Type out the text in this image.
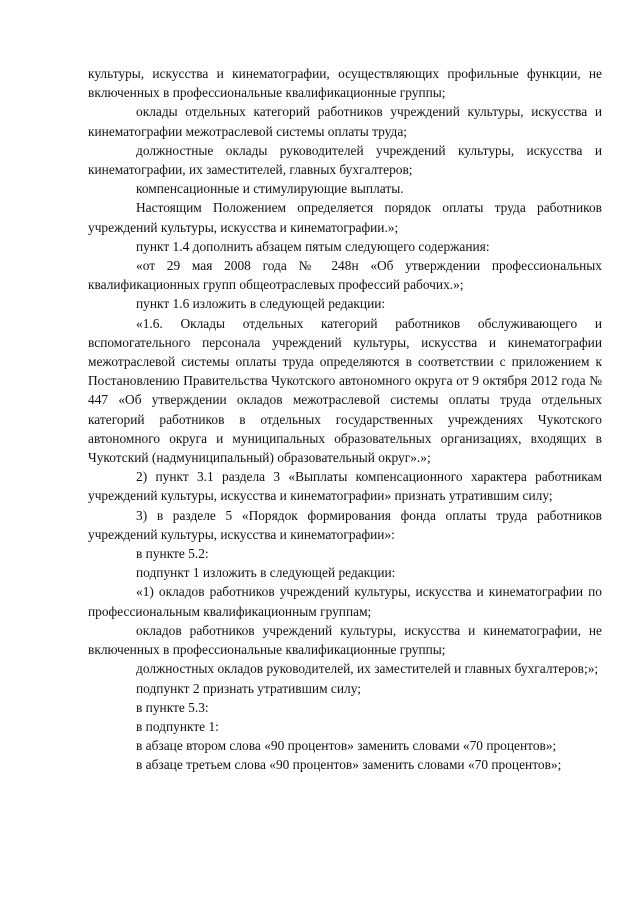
культуры, искусства и кинематографии, осуществляющих профильные функции, не включенных в профессиональные квалификационные группы;

оклады отдельных категорий работников учреждений культуры, искусства и кинематографии межотраслевой системы оплаты труда;

должностные оклады руководителей учреждений культуры, искусства и кинематографии, их заместителей, главных бухгалтеров;

компенсационные и стимулирующие выплаты.

Настоящим Положением определяется порядок оплаты труда работников учреждений культуры, искусства и кинематографии.»;

пункт 1.4 дополнить абзацем пятым следующего содержания:

«от 29 мая 2008 года № 248н «Об утверждении профессиональных квалификационных групп общеотраслевых профессий рабочих.»;

пункт 1.6 изложить в следующей редакции:

«1.6. Оклады отдельных категорий работников обслуживающего и вспомогательного персонала учреждений культуры, искусства и кинематографии межотраслевой системы оплаты труда определяются в соответствии с приложением к Постановлению Правительства Чукотского автономного округа от 9 октября 2012 года № 447 «Об утверждении окладов межотраслевой системы оплаты труда отдельных категорий работников в отдельных государственных учреждениях Чукотского автономного округа и муниципальных образовательных организациях, входящих в Чукотский (надмуниципальный) образовательный округ».»;

2) пункт 3.1 раздела 3 «Выплаты компенсационного характера работникам учреждений культуры, искусства и кинематографии» признать утратившим силу;

3) в разделе 5 «Порядок формирования фонда оплаты труда работников учреждений культуры, искусства и кинематографии»:

в пункте 5.2:

подпункт 1 изложить в следующей редакции:

«1) окладов работников учреждений культуры, искусства и кинематографии по профессиональным квалификационным группам;

окладов работников учреждений культуры, искусства и кинематографии, не включенных в профессиональные квалификационные группы;

должностных окладов руководителей, их заместителей и главных бухгалтеров;»;

подпункт 2 признать утратившим силу;

в пункте 5.3:

в подпункте 1:

в абзаце втором слова «90 процентов» заменить словами «70 процентов»;

в абзаце третьем слова «90 процентов» заменить словами «70 процентов»;
